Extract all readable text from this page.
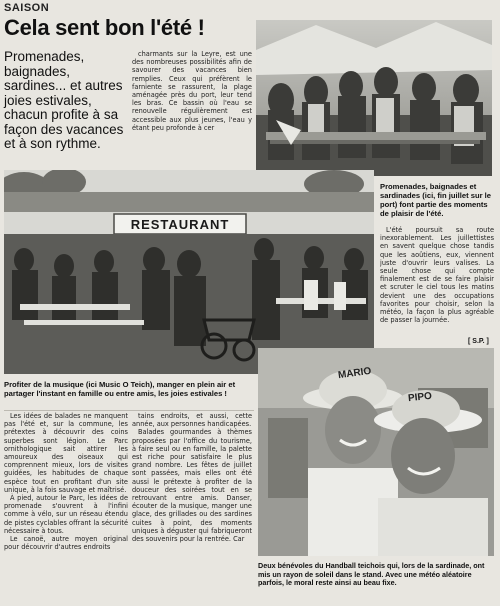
SAISON
Cela sent bon l'été !
Promenades, baignades, sardines... et autres joies estivales, chacun profite à sa façon des vacances et à son rythme.

charmants sur la Leyre, est une des nombreuses possibilités afin de savourer des vacances bien remplies. Ceux qui préfèrent le farniente se rassurent, la plage aménagée près du port, leur tend les bras. Ce bassin où l'eau se renouvelle régulièrement est accessible aux plus jeunes, l'eau y étant peu profonde à cer

Promenades, baignades et sardinades (ici, fin juillet sur le port) font partie des moments de plaisir de l'été.

L'été poursuit sa route inexorablement. Les juillettistes en savent quelque chose tandis que les aoûtiens, eux, viennent juste d'ouvrir leurs valises. La seule chose qui compte finalement est de se faire plaisir et scruter le ciel tous les matins devient une des occupations favorites pour choisir, selon la météo, la façon la plus agréable de passer la journée.

[ S.P. ]
RESTAURANT
Profiter de la musique (ici Music O Teich), manger en plein air et partager l'instant en famille ou entre amis, les joies estivales !

Les idées de balades ne manquent pas l'été et, sur la commune, les prétextes à découvrir des coins superbes sont légion. Le Parc ornithologique sait attirer les amoureux des oiseaux qui comprennent mieux, lors de visites guidées, les habitudes de chaque espèce tout en profitant d'un site unique, à la fois sauvage et maîtrisé.

À pied, autour le Parc, les idées de promenade s'ouvrent à l'infini comme à vélo, sur un réseau étendu de pistes cyclables offrant la sécurité nécessaire à tous.

Le canoë, autre moyen original pour découvrir d'autres endroits

tains endroits, et aussi, cette année, aux personnes handicapées.

Balades gourmandes à thèmes proposées par l'office du tourisme, à faire seul ou en famille, la palette est riche pour satisfaire le plus grand nombre. Les fêtes de juillet sont passées, mais elles ont été aussi le prétexte à profiter de la douceur des soirées tout en se retrouvant entre amis. Danser, écouter de la musique, manger une glace, des grillades ou des sardines cuites à point, des moments uniques à déguster qui fabriqueront des souvenirs pour la rentrée. Car

MARIO
PIPO
Deux bénévoles du Handball teichois qui, lors de la sardinade, ont mis un rayon de soleil dans le stand. Avec une météo aléatoire parfois, le moral reste ainsi au beau fixe.
